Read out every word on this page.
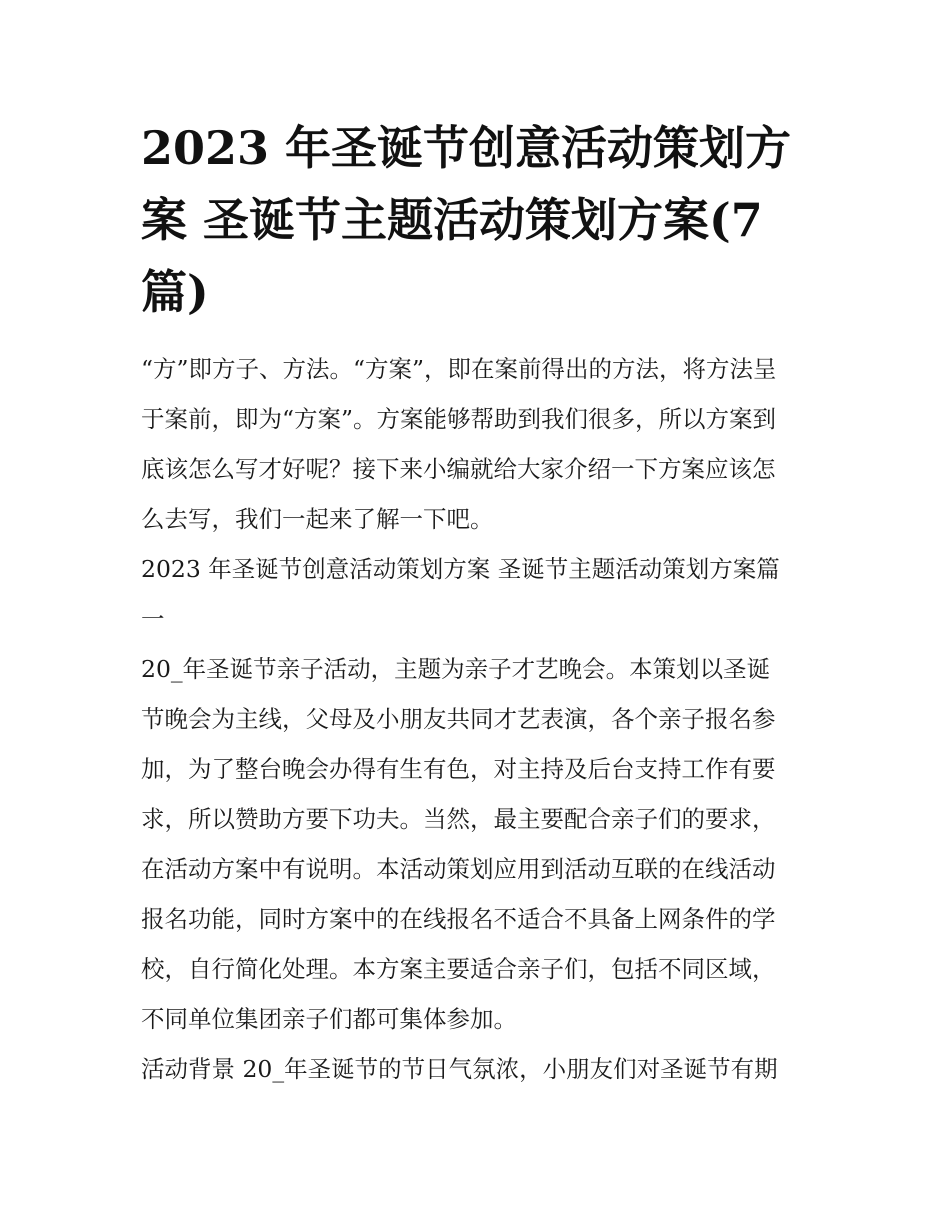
2023 年圣诞节创意活动策划方
案 圣诞节主题活动策划方案(7
篇)

“方”即方子、方法。“方案”，即在案前得出的方法，将方法呈
于案前，即为“方案”。方案能够帮助到我们很多，所以方案到
底该怎么写才好呢？接下来小编就给大家介绍一下方案应该怎
么去写，我们一起来了解一下吧。

2023 年圣诞节创意活动策划方案 圣诞节主题活动策划方案篇
一

20_年圣诞节亲子活动，主题为亲子才艺晚会。本策划以圣诞
节晚会为主线，父母及小朋友共同才艺表演，各个亲子报名参
加，为了整台晚会办得有生有色，对主持及后台支持工作有要
求，所以赞助方要下功夫。当然，最主要配合亲子们的要求，
在活动方案中有说明。本活动策划应用到活动互联的在线活动
报名功能，同时方案中的在线报名不适合不具备上网条件的学
校，自行简化处理。本方案主要适合亲子们，包括不同区域，
不同单位集团亲子们都可集体参加。

活动背景 20_年圣诞节的节日气氛浓，小朋友们对圣诞节有期
